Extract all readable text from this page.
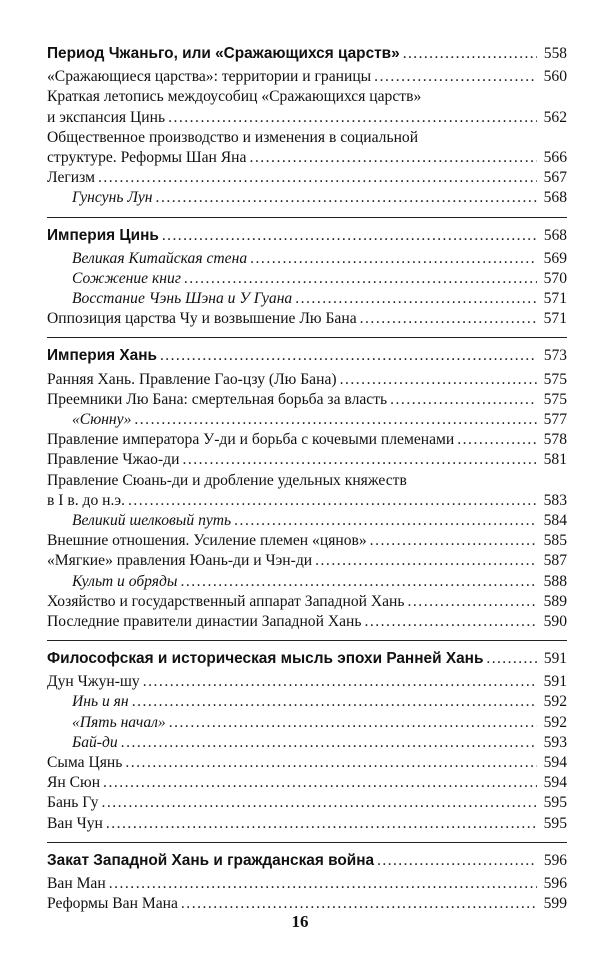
Период Чжаньго, или «Сражающихся царств» . . .	558
«Сражающиеся царства»: территории и границы . . .	560
Краткая летопись междоусобиц «Сражающихся царств»
и экспансия Цинь . . .	562
Общественное производство и изменения в социальной
структуре. Реформы Шан Яна . . .	566
Легизм . . .	567
Гунсунь Лун . . .	568
Империя Цинь . . .	568
Великая Китайская стена . . .	569
Сожжение книг . . .	570
Восстание Чэнь Шэна и У Гуана . . .	571
Оппозиция царства Чу и возвышение Лю Бана . . .	571
Империя Хань . . .	573
Ранняя Хань. Правление Гао-цзу (Лю Бана) . . .	575
Преемники Лю Бана: смертельная борьба за власть . . .	575
«Сюнну» . . .	577
Правление императора У-ди и борьба с кочевыми племенами . . .	578
Правление Чжао-ди . . .	581
Правление Сюань-ди и дробление удельных княжеств
в I в. до н.э. . . .	583
Великий шелковый путь . . .	584
Внешние отношения. Усиление племен «цянов» . . .	585
«Мягкие» правления Юань-ди и Чэн-ди . . .	587
Культ и обряды . . .	588
Хозяйство и государственный аппарат Западной Хань . . .	589
Последние правители династии Западной Хань . . .	590
Философская и историческая мысль эпохи Ранней Хань . . .	591
Дун Чжун-шу . . .	591
Инь и ян . . .	592
«Пять начал» . . .	592
Бай-ди . . .	593
Сыма Цянь . . .	594
Ян Сюн . . .	594
Бань Гу . . .	595
Ван Чун . . .	595
Закат Западной Хань и гражданская война . . .	596
Ван Ман . . .	596
Реформы Ван Мана . . .	599
16
